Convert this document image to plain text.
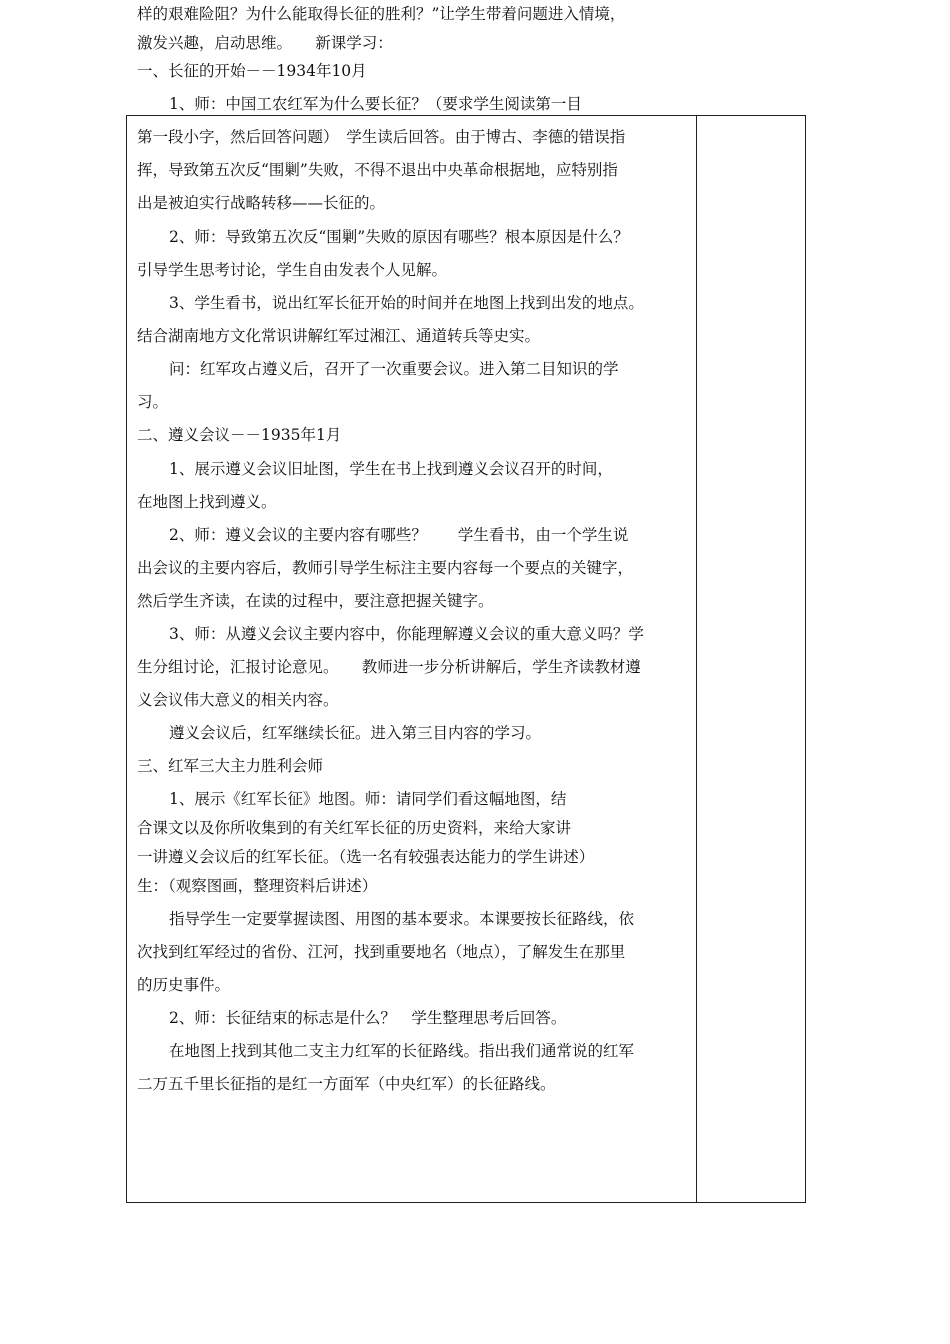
样的艰难险阻？为什么能取得长征的胜利？”让学生带着问题进入情境，
激发兴趣，启动思维。　　新课学习：
一、长征的开始－－1934年10月
1、师：中国工农红军为什么要长征？（要求学生阅读第一目
第一段小字，然后回答问题）　学生读后回答。由于博古、李德的错误指
挥，导致第五次反“围剿”失败，不得不退出中央革命根据地，应特别指
出是被迫实行战略转移——长征的。
2、师：导致第五次反“围剿”失败的原因有哪些？根本原因是什么？
引导学生思考讨论，学生自由发表个人见解。
3、学生看书，说出红军长征开始的时间并在地图上找到出发的地点。
结合湖南地方文化常识讲解红军过湘江、通道转兵等史实。
问：红军攻占遵义后，召开了一次重要会议。进入第二目知识的学
习。
二、遵义会议－－1935年1月
1、展示遵义会议旧址图，学生在书上找到遵义会议召开的时间，
在地图上找到遵义。
2、师：遵义会议的主要内容有哪些？　　学生看书，由一个学生说
出会议的主要内容后，教师引导学生标注主要内容每一个要点的关键字，
然后学生齐读，在读的过程中，要注意把握关键字。
3、师：从遵义会议主要内容中，你能理解遵义会议的重大意义吗？学
生分组讨论，汇报讨论意见。　　教师进一步分析讲解后，学生齐读教材遵
义会议伟大意义的相关内容。
遵义会议后，红军继续长征。进入第三目内容的学习。
三、红军三大主力胜利会师
1、展示《红军长征》地图。师：请同学们看这幅地图，结
合课文以及你所收集到的有关红军长征的历史资料，来给大家讲
一讲遵义会议后的红军长征。（选一名有较强表达能力的学生讲述）
生：（观察图画，整理资料后讲述）
指导学生一定要掌握读图、用图的基本要求。本课要按长征路线，依
次找到红军经过的省份、江河，找到重要地名（地点），了解发生在那里
的历史事件。
2、师：长征结束的标志是什么？　学生整理思考后回答。
在地图上找到其他二支主力红军的长征路线。指出我们通常说的红军
二万五千里长征指的是红一方面军（中央红军）的长征路线。
